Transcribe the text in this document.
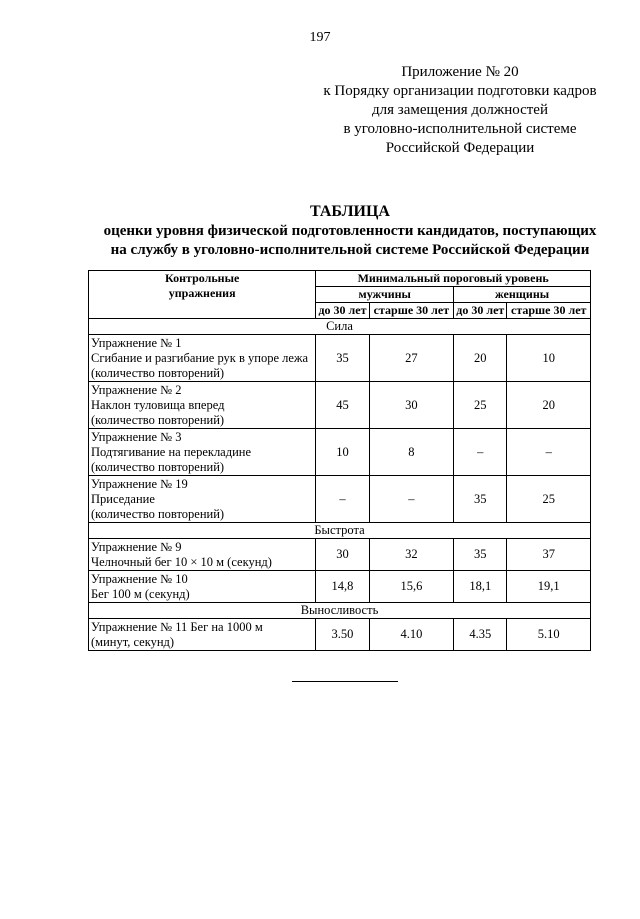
197
Приложение № 20
к Порядку организации подготовки кадров
для замещения должностей
в уголовно-исполнительной системе
Российской Федерации
ТАБЛИЦА
оценки уровня физической подготовленности кандидатов, поступающих
на службу в уголовно-исполнительной системе Российской Федерации
Контрольные
упражнения	Минимальный пороговый уровень			
	мужчины		женщины	
	до 30 лет	старше 30 лет	до 30 лет	старше 30 лет
Сила				

Упражнение № 1
Сгибание и разгибание рук в упоре лежа
(количество повторений)	35	27	20	10

Упражнение № 2
Наклон туловища вперед
(количество повторений)	45	30	25	20

Упражнение № 3
Подтягивание на перекладине
(количество повторений)	10	8	–	–

Упражнение № 19
Приседание
(количество повторений)	–	–	35	25
Быстрота				

Упражнение № 9
Челночный бег 10 × 10 м (секунд)	30	32	35	37

Упражнение № 10
Бег 100 м (секунд)	14,8	15,6	18,1	19,1
Выносливость				

Упражнение № 11 Бег на 1000 м
(минут, секунд)	3.50	4.10	4.35	5.10
